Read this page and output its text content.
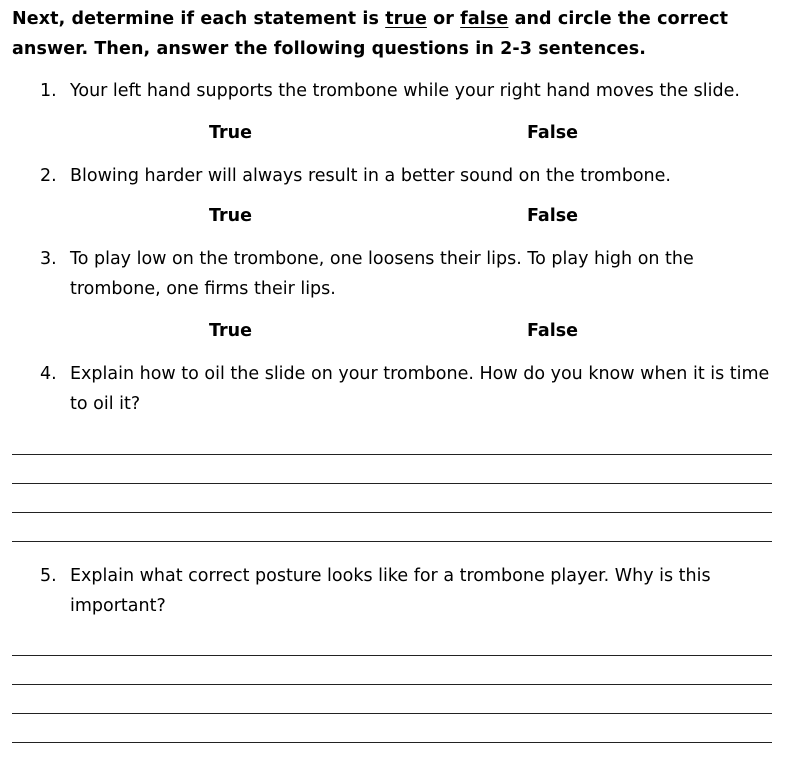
Next, determine if each statement is true or false and circle the correct answer. Then, answer the following questions in 2-3 sentences.
1. Your left hand supports the trombone while your right hand moves the slide.
True	False
2. Blowing harder will always result in a better sound on the trombone.
True	False
3. To play low on the trombone, one loosens their lips. To play high on the trombone, one firms their lips.
True	False
4. Explain how to oil the slide on your trombone. How do you know when it is time to oil it?
5. Explain what correct posture looks like for a trombone player. Why is this important?
